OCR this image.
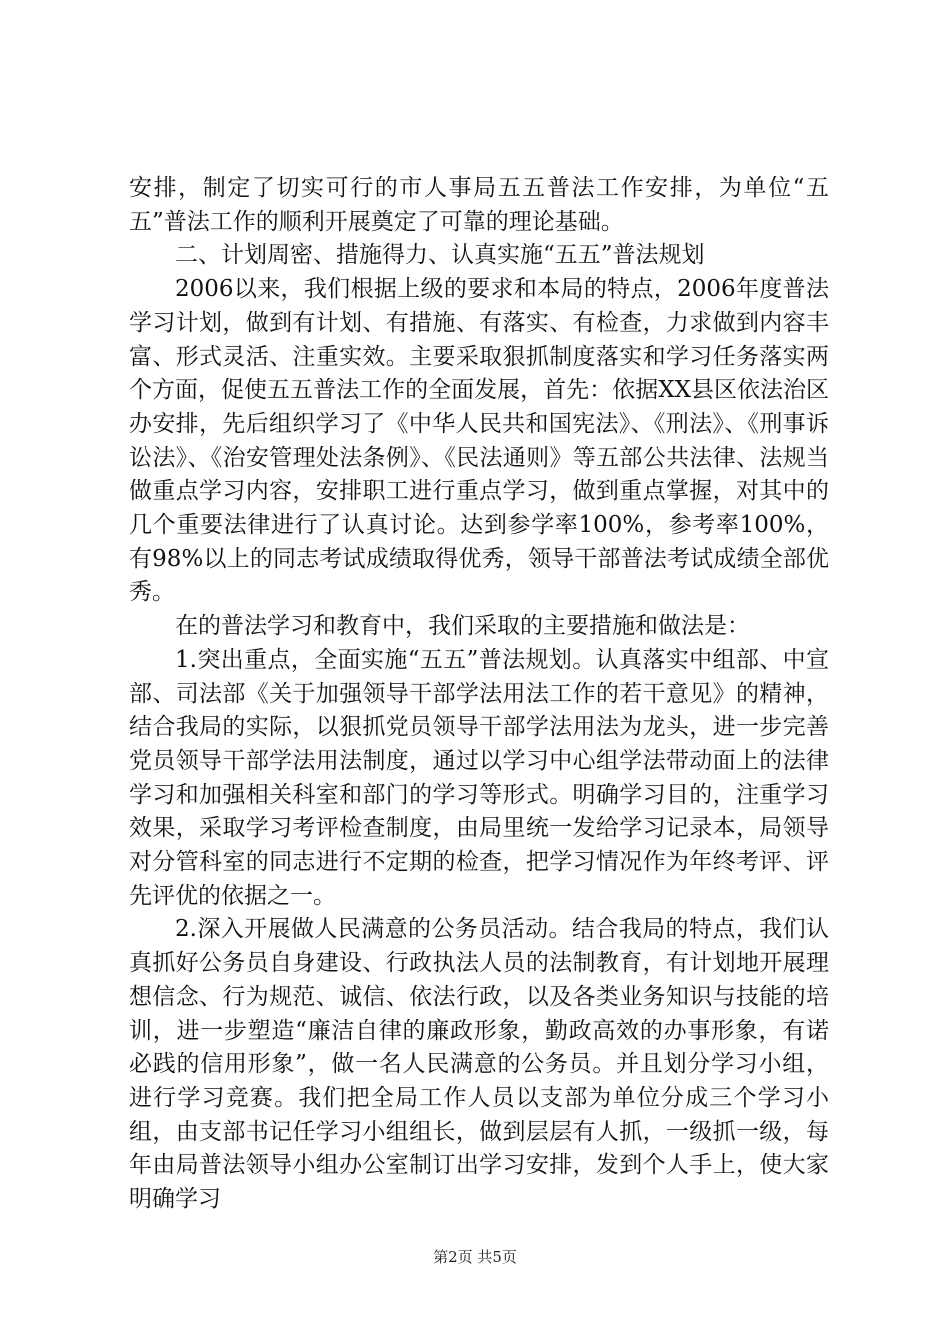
安排，制定了切实可行的市人事局五五普法工作安排，为单位“五五”普法工作的顺利开展奠定了可靠的理论基础。

二、计划周密、措施得力、认真实施“五五”普法规划

2006以来，我们根据上级的要求和本局的特点，2006年度普法学习计划，做到有计划、有措施、有落实、有检查，力求做到内容丰富、形式灵活、注重实效。主要采取狠抓制度落实和学习任务落实两个方面，促使五五普法工作的全面发展，首先：依据XX县区依法治区办安排，先后组织学习了《中华人民共和国宪法》、《刑法》、《刑事诉讼法》、《治安管理处法条例》、《民法通则》等五部公共法律、法规当做重点学习内容，安排职工进行重点学习，做到重点掌握，对其中的几个重要法律进行了认真讨论。达到参学率100%，参考率100%，有98%以上的同志考试成绩取得优秀，领导干部普法考试成绩全部优秀。

在的普法学习和教育中，我们采取的主要措施和做法是：

1.突出重点，全面实施“五五”普法规划。认真落实中组部、中宣部、司法部《关于加强领导干部学法用法工作的若干意见》的精神，结合我局的实际，以狠抓党员领导干部学法用法为龙头，进一步完善党员领导干部学法用法制度，通过以学习中心组学法带动面上的法律学习和加强相关科室和部门的学习等形式。明确学习目的，注重学习效果，采取学习考评检查制度，由局里统一发给学习记录本，局领导对分管科室的同志进行不定期的检查，把学习情况作为年终考评、评先评优的依据之一。

2.深入开展做人民满意的公务员活动。结合我局的特点，我们认真抓好公务员自身建设、行政执法人员的法制教育，有计划地开展理想信念、行为规范、诚信、依法行政，以及各类业务知识与技能的培训，进一步塑造“廉洁自律的廉政形象，勤政高效的办事形象，有诺必践的信用形象”，做一名人民满意的公务员。并且划分学习小组，进行学习竞赛。我们把全局工作人员以支部为单位分成三个学习小组，由支部书记任学习小组组长，做到层层有人抓，一级抓一级，每年由局普法领导小组办公室制订出学习安排，发到个人手上，使大家明确学习

第2页 共5页
